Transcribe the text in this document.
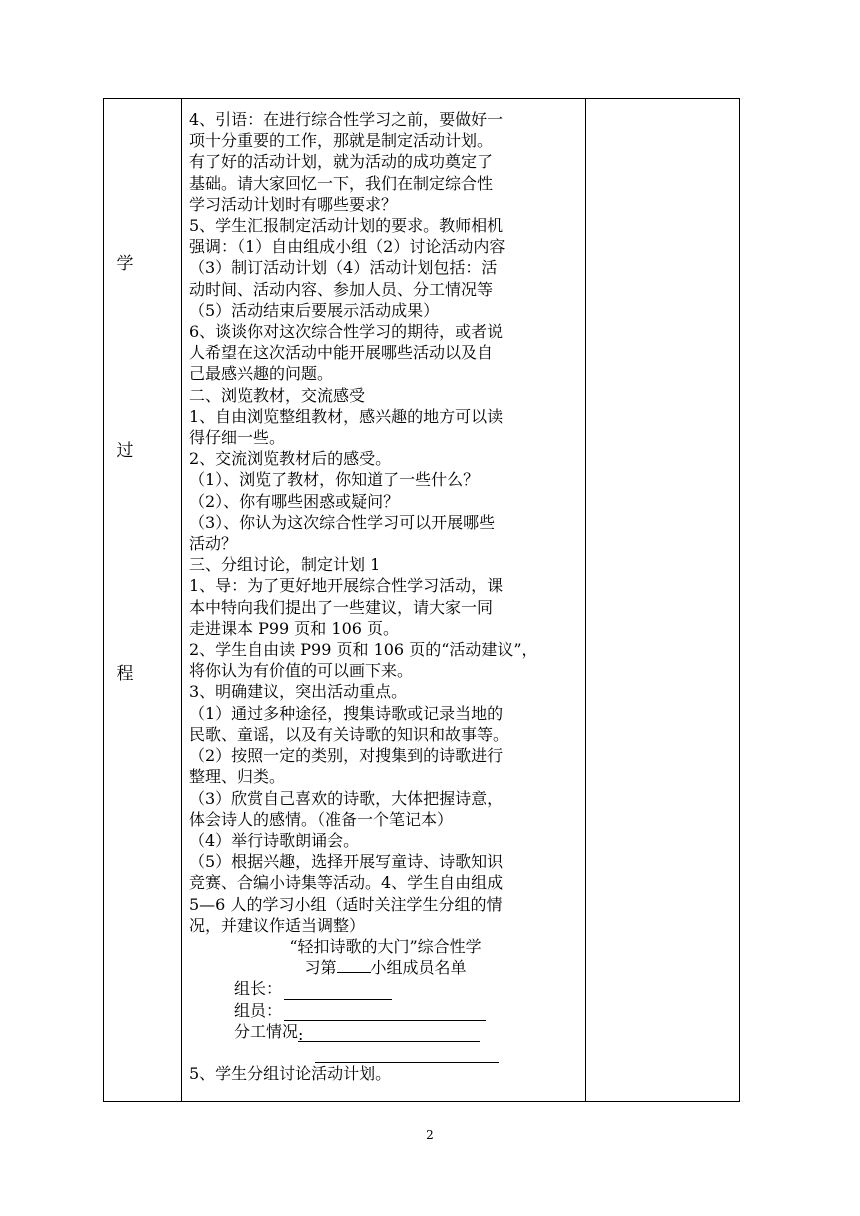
学
过
程

4、引语：在进行综合性学习之前，要做好一

项十分重要的工作，那就是制定活动计划。

有了好的活动计划，就为活动的成功奠定了

基础。请大家回忆一下，我们在制定综合性

学习活动计划时有哪些要求？

5、学生汇报制定活动计划的要求。教师相机

强调：（1）自由组成小组（2）讨论活动内容

（3）制订活动计划（4）活动计划包括：活

动时间、活动内容、参加人员、分工情况等

（5）活动结束后要展示活动成果）

6、谈谈你对这次综合性学习的期待，或者说

人希望在这次活动中能开展哪些活动以及自

己最感兴趣的问题。

二、浏览教材，交流感受

1、自由浏览整组教材，感兴趣的地方可以读

得仔细一些。

2、交流浏览教材后的感受。

（1）、浏览了教材，你知道了一些什么？

（2）、你有哪些困惑或疑问？

（3）、你认为这次综合性学习可以开展哪些

活动？

三、分组讨论，制定计划 1

1、导：为了更好地开展综合性学习活动，课

本中特向我们提出了一些建议，请大家一同

走进课本 P99 页和 106 页。

2、学生自由读 P99 页和 106 页的“活动建议”，

将你认为有价值的可以画下来。

3、明确建议，突出活动重点。

（1）通过多种途径，搜集诗歌或记录当地的

民歌、童谣，以及有关诗歌的知识和故事等。

（2）按照一定的类别，对搜集到的诗歌进行

整理、归类。

（3）欣赏自己喜欢的诗歌，大体把握诗意，

体会诗人的感情。（准备一个笔记本）

（4）举行诗歌朗诵会。

（5）根据兴趣，选择开展写童诗、诗歌知识

竞赛、合编小诗集等活动。4、学生自由组成

5—6 人的学习小组（适时关注学生分组的情

况，并建议作适当调整）

“轻扣诗歌的大门”综合性学

习第 小组成员名单

组长：
组员：
分工情况 :

5、学生分组讨论活动计划。

2
